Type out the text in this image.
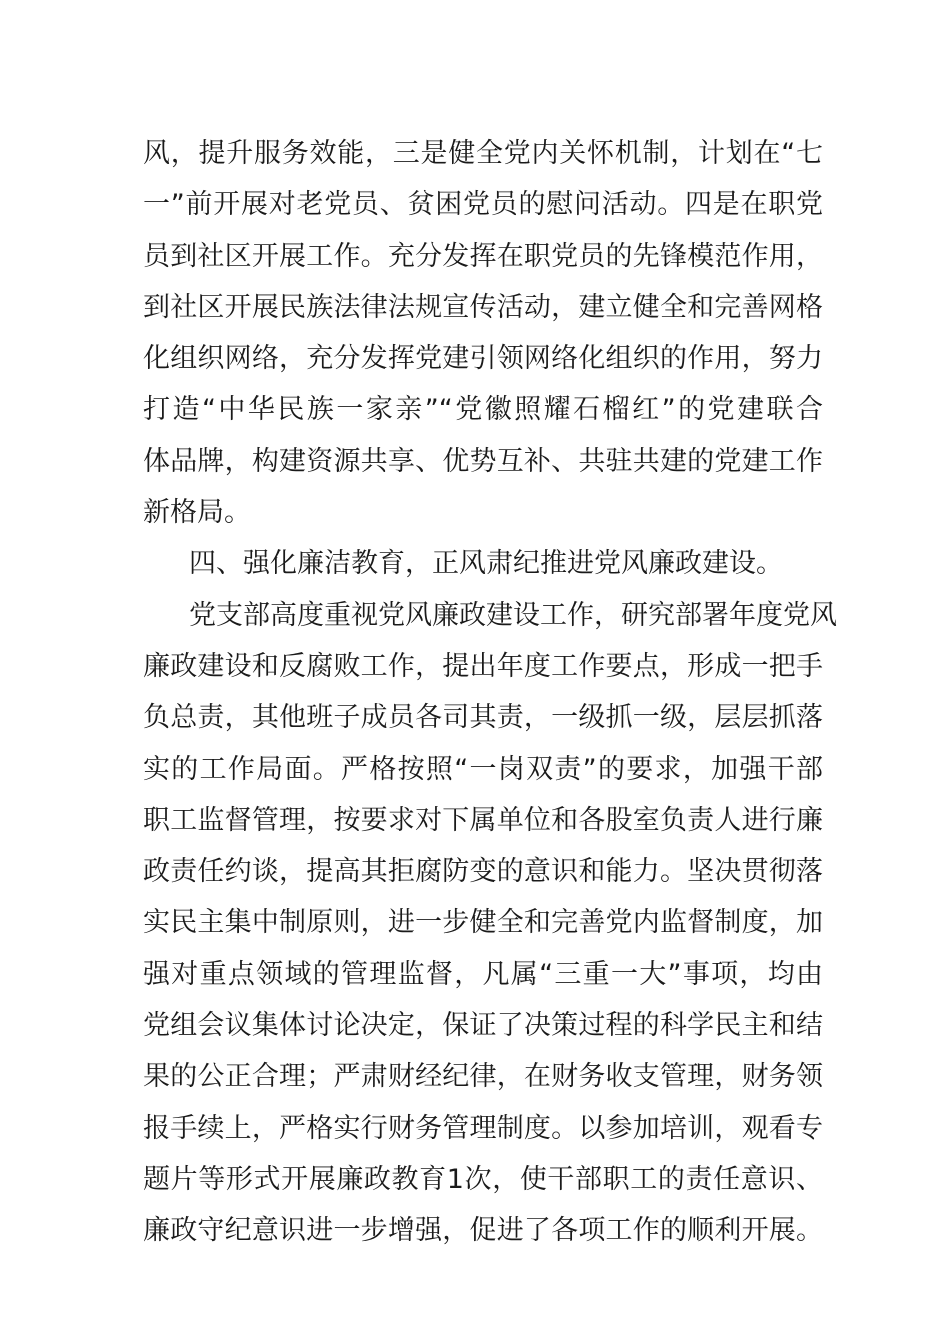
风，提升服务效能，三是健全党内关怀机制，计划在“七
一”前开展对老党员、贫困党员的慰问活动。四是在职党
员到社区开展工作。充分发挥在职党员的先锋模范作用，
到社区开展民族法律法规宣传活动，建立健全和完善网格
化组织网络，充分发挥党建引领网络化组织的作用，努力
打造“中华民族一家亲”“党徽照耀石榴红”的党建联合
体品牌，构建资源共享、优势互补、共驻共建的党建工作
新格局。
四、强化廉洁教育，正风肃纪推进党风廉政建设。
党支部高度重视党风廉政建设工作，研究部署年度党风
廉政建设和反腐败工作，提出年度工作要点，形成一把手
负总责，其他班子成员各司其责，一级抓一级，层层抓落
实的工作局面。严格按照“一岗双责”的要求，加强干部
职工监督管理，按要求对下属单位和各股室负责人进行廉
政责任约谈，提高其拒腐防变的意识和能力。坚决贯彻落
实民主集中制原则，进一步健全和完善党内监督制度，加
强对重点领域的管理监督，凡属“三重一大”事项，均由
党组会议集体讨论决定，保证了决策过程的科学民主和结
果的公正合理；严肃财经纪律，在财务收支管理，财务领
报手续上，严格实行财务管理制度。以参加培训，观看专
题片等形式开展廉政教育1次，使干部职工的责任意识、
廉政守纪意识进一步增强，促进了各项工作的顺利开展。
